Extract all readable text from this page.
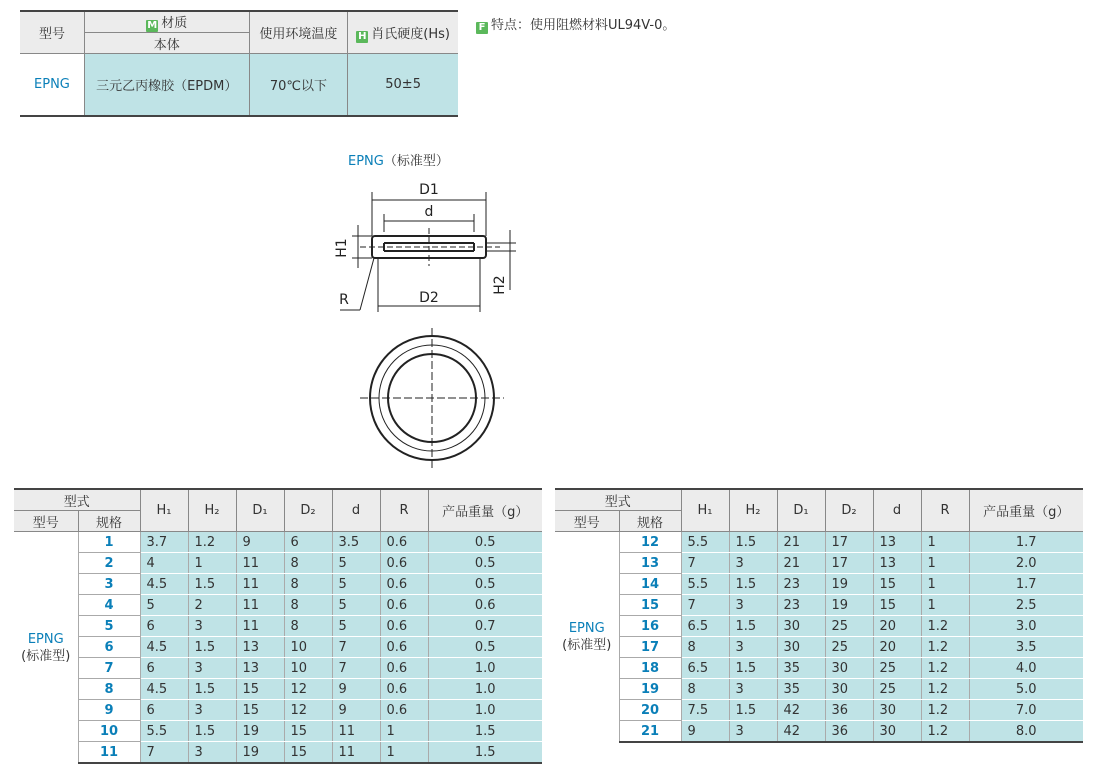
型号	M 材质	使用环境温度	H 肖氏硬度(Hs)
	本体		
EPNG	三元乙丙橡胶（EPDM）	70℃以下	50±5
F 特点：使用阻燃材料UL94V-0。
EPNG（标准型）
D1
d
H1
H2
R	D2
型式		H₁	H₂	D₁	D₂	d	R	产品重量（g）
型号	规格							

EPNG
(标准型)	1	3.7	1.2	9	6	3.5	0.6	0.5
	2	4	1	11	8	5	0.6	0.5
	3	4.5	1.5	11	8	5	0.6	0.5
	4	5	2	11	8	5	0.6	0.6
	5	6	3	11	8	5	0.6	0.7
	6	4.5	1.5	13	10	7	0.6	0.5
	7	6	3	13	10	7	0.6	1.0
	8	4.5	1.5	15	12	9	0.6	1.0
	9	6	3	15	12	9	0.6	1.0
	10	5.5	1.5	19	15	11	1	1.5
	11	7	3	19	15	11	1	1.5
型式		H₁	H₂	D₁	D₂	d	R	产品重量（g）
型号	规格							

EPNG
(标准型)	12	5.5	1.5	21	17	13	1	1.7
	13	7	3	21	17	13	1	2.0
	14	5.5	1.5	23	19	15	1	1.7
	15	7	3	23	19	15	1	2.5
	16	6.5	1.5	30	25	20	1.2	3.0
	17	8	3	30	25	20	1.2	3.5
	18	6.5	1.5	35	30	25	1.2	4.0
	19	8	3	35	30	25	1.2	5.0
	20	7.5	1.5	42	36	30	1.2	7.0
	21	9	3	42	36	30	1.2	8.0
